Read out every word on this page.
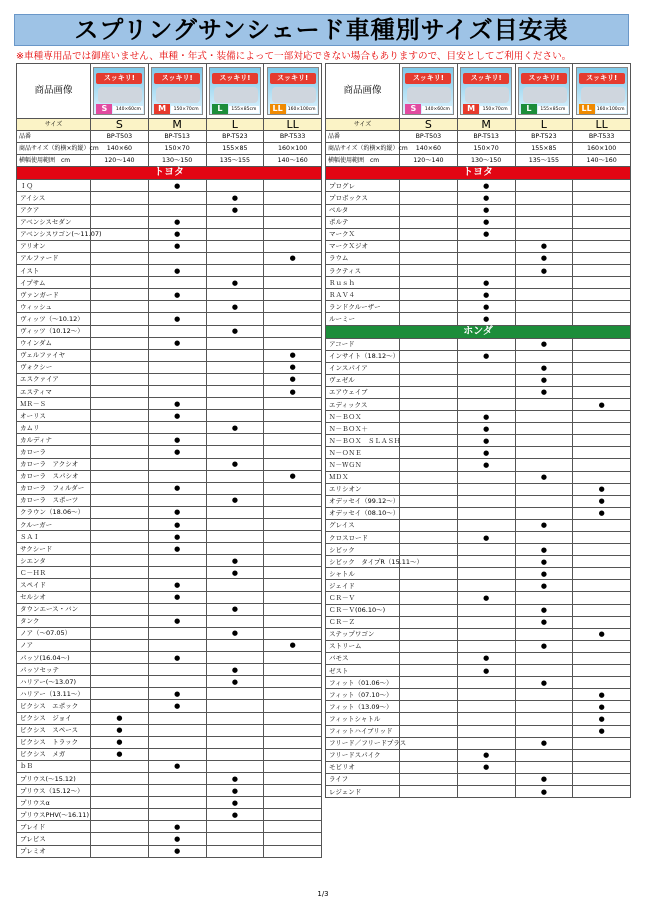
スプリングサンシェード車種別サイズ目安表
※車種専用品では御座いません、車種・年式・装備によって一部対応できない場合もありますので、目安としてご利用ください。
商品画像	スッキリ!
S 140×60cm	スッキリ!
M 150×70cm	スッキリ!
L 155×85cm	スッキリ!
LL 160×100cm

サイズ	S	M	L	LL
品番	BP-T503	BP-T513	BP-T523	BP-T533
商品サイズ（約横×約縦）cm	140×60	150×70	155×85	160×100
横幅使用範囲　cm	120～140	130～150	135～155	140～160
トヨタ				
ＩＱ		●		
アイシス			●	
アクア			●	
アベンシスセダン		●		
アベンシスワゴン(～11.07)		●		
アリオン		●		
アルファード				●
イスト		●		
イプサム			●	
ヴァンガード		●		
ウィッシュ			●	
ヴィッツ（～10.12）		●		
ヴィッツ（10.12～）			●	
ウインダム		●		
ヴェルファイヤ				●
ヴォクシー				●
エスクァイア				●
エスティマ				●
ＭＲ－Ｓ		●		
オーリス		●		
カムリ			●	
カルディナ		●		
カローラ		●		
カローラ　アクシオ			●	
カローラ　スパシオ				●
カローラ　フィルダー		●		
カローラ　スポーツ			●	
クラウン（18.06～）		●		
クルーガー		●		
ＳＡＩ		●		
サクシード		●		
シエンタ			●	
Ｃ－ＨＲ			●	
スペイド		●		
セルシオ		●		
タウンエース・バン			●	
タンク		●		
ノア（～07.05）			●	
ノア				●
パッソ(16.04～)		●		
パッソセッテ			●	
ハリアー(～13.07)			●	
ハリアー（13.11～）		●		
ピクシス　エポック		●		
ピクシス　ジョイ	●			
ピクシス　スペース	●			
ピクシス　トラック	●			
ピクシス　メガ	●			
ｂＢ		●		
プリウス(～15.12)			●	
プリウス（15.12～）			●	
プリウスα			●	
プリウスPHV(～16.11)			●	
ブレイド		●		
ブレビス		●		
プレミオ		●		
商品画像	スッキリ!
S 140×60cm	スッキリ!
M 150×70cm	スッキリ!
L 155×85cm	スッキリ!
LL 160×100cm

サイズ	S	M	L	LL
品番	BP-T503	BP-T513	BP-T523	BP-T533
商品サイズ（約横×約縦）cm	140×60	150×70	155×85	160×100
横幅使用範囲　cm	120～140	130～150	135～155	140～160
トヨタ				
プログレ		●		
プロボックス		●		
ベルタ		●		
ポルテ		●		
マークＸ		●		
マークＸジオ			●	
ラウム			●	
ラクティス			●	
Ｒｕｓｈ		●		
ＲＡＶ４		●		
ランドクルーザー		●		
ルーミー		●		
ホンダ				
アコード			●	
インサイト（18.12～）		●		
インスパイア			●	
ヴェゼル			●	
エアウェイブ			●	
エディックス				●
Ｎ－ＢＯＸ		●		
Ｎ－ＢＯＸ＋		●		
Ｎ－ＢＯＸ　ＳＬＡＳＨ		●		
Ｎ－ＯＮＥ		●		
Ｎ－ＷＧＮ		●		
ＭＤＸ			●	
エリシオン				●
オデッセイ（99.12～）				●
オデッセイ（08.10～）				●
グレイス			●	
クロスロード		●		
シビック			●	
シビック　タイプR（15.11～）			●	
シャトル			●	
ジェイド			●	
ＣＲ－Ｖ		●		
ＣＲ－Ｖ(06.10～)			●	
ＣＲ－Ｚ			●	
ステップワゴン				●
ストリーム			●	
バモス		●		
ゼスト		●		
フィット（01.06～）			●	
フィット（07.10～）				●
フィット（13.09～）				●
フィットシャトル				●
フィットハイブリッド				●
フリード／フリードプラス			●	
フリードスパイク		●		
モビリオ		●		
ライフ			●	
レジェンド			●	
1/3
